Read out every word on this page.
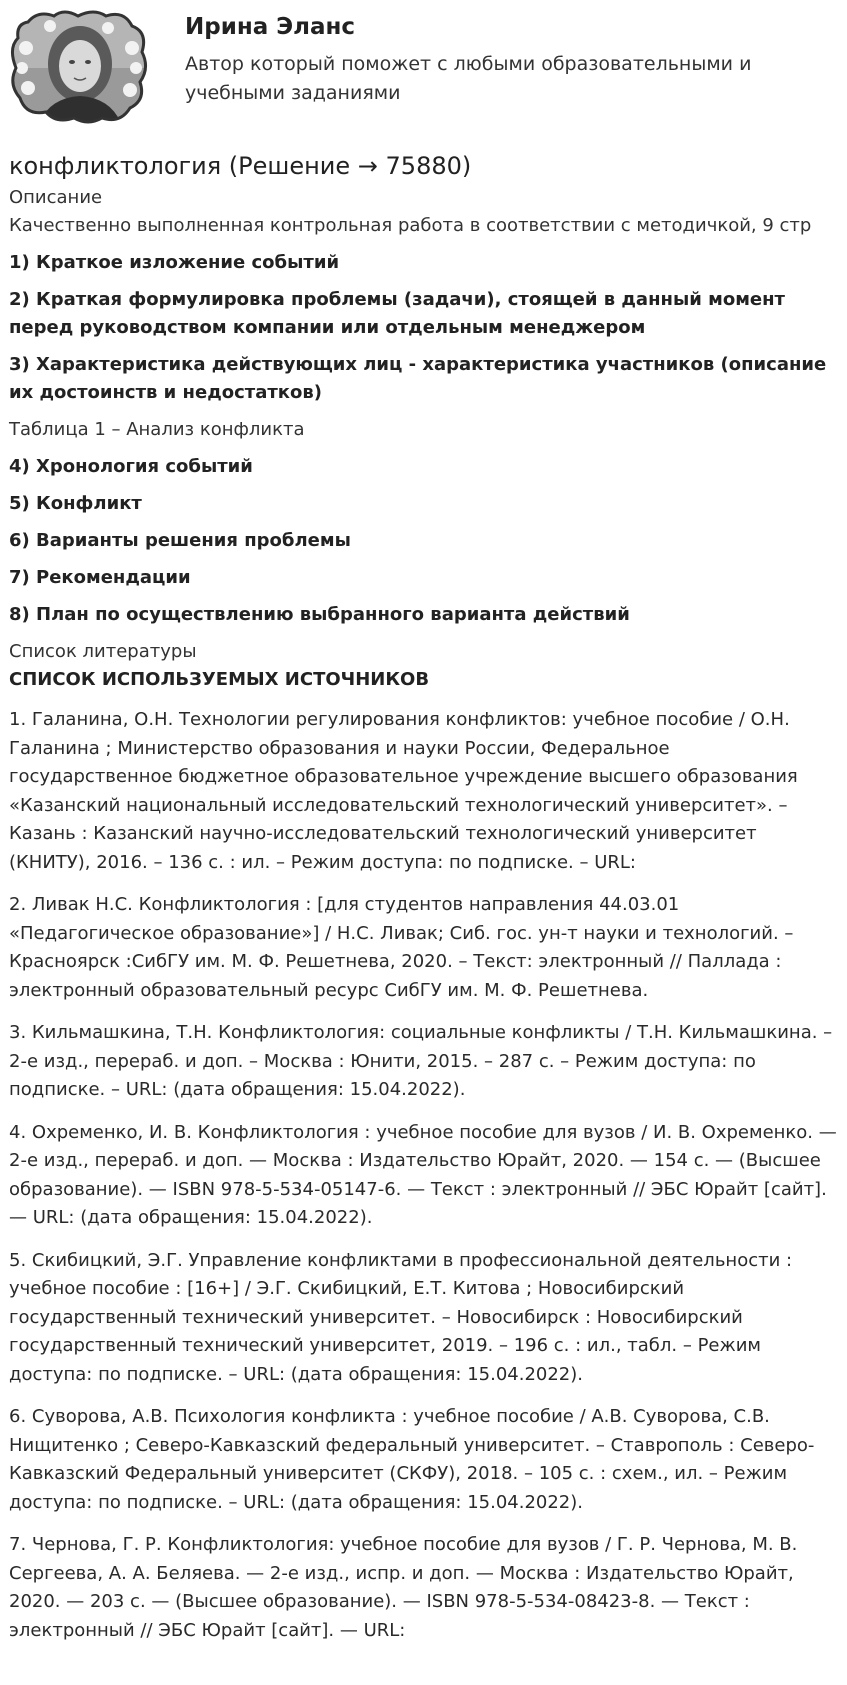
Ирина Эланс
Автор который поможет с любыми образовательными и учебными заданиями
конфликтология (Решение → 75880)
Описание
Качественно выполненная контрольная работа в соответствии с методичкой, 9 стр
1) Краткое изложение событий
2) Краткая формулировка проблемы (задачи), стоящей в данный момент перед руководством компании или отдельным менеджером
3) Характеристика действующих лиц - характеристика участников (описание их достоинств и недостатков)
Таблица 1 – Анализ конфликта
4) Хронология событий
5) Конфликт
6) Варианты решения проблемы
7) Рекомендации
8) План по осуществлению выбранного варианта действий
Список литературы
СПИСОК ИСПОЛЬЗУЕМЫХ ИСТОЧНИКОВ
1. Галанина, О.Н. Технологии регулирования конфликтов: учебное пособие / О.Н. Галанина ; Министерство образования и науки России, Федеральное государственное бюджетное образовательное учреждение высшего образования «Казанский национальный исследовательский технологический университет». – Казань : Казанский научно-исследовательский технологический университет (КНИТУ), 2016. – 136 с. : ил. – Режим доступа: по подписке. – URL:
2. Ливак Н.С. Конфликтология : [для студентов направления 44.03.01 «Педагогическое образование»] / Н.С. Ливак; Сиб. гос. ун-т науки и технологий. – Красноярск :СибГУ им. М. Ф. Решетнева, 2020. – Текст: электронный // Паллада : электронный образовательный ресурс СибГУ им. М. Ф. Решетнева.
3. Кильмашкина, Т.Н. Конфликтология: социальные конфликты / Т.Н. Кильмашкина. – 2-е изд., перераб. и доп. – Москва : Юнити, 2015. – 287 с. – Режим доступа: по подписке. – URL: (дата обращения: 15.04.2022).
4. Охременко, И. В. Конфликтология : учебное пособие для вузов / И. В. Охременко. — 2-е изд., перераб. и доп. — Москва : Издательство Юрайт, 2020. — 154 с. — (Высшее образование). — ISBN 978-5-534-05147-6. — Текст : электронный // ЭБС Юрайт [сайт]. — URL: (дата обращения: 15.04.2022).
5. Скибицкий, Э.Г. Управление конфликтами в профессиональной деятельности : учебное пособие : [16+] / Э.Г. Скибицкий, Е.Т. Китова ; Новосибирский государственный технический университет. – Новосибирск : Новосибирский государственный технический университет, 2019. – 196 с. : ил., табл. – Режим доступа: по подписке. – URL: (дата обращения: 15.04.2022).
6. Суворова, А.В. Психология конфликта : учебное пособие / А.В. Суворова, С.В. Нищитенко ; Северо-Кавказский федеральный университет. – Ставрополь : Северо-Кавказский Федеральный университет (СКФУ), 2018. – 105 с. : схем., ил. – Режим доступа: по подписке. – URL: (дата обращения: 15.04.2022).
7. Чернова, Г. Р. Конфликтология: учебное пособие для вузов / Г. Р. Чернова, М. В. Сергеева, А. А. Беляева. — 2-е изд., испр. и доп. — Москва : Издательство Юрайт, 2020. — 203 с. — (Высшее образование). — ISBN 978-5-534-08423-8. — Текст : электронный // ЭБС Юрайт [сайт]. — URL:
